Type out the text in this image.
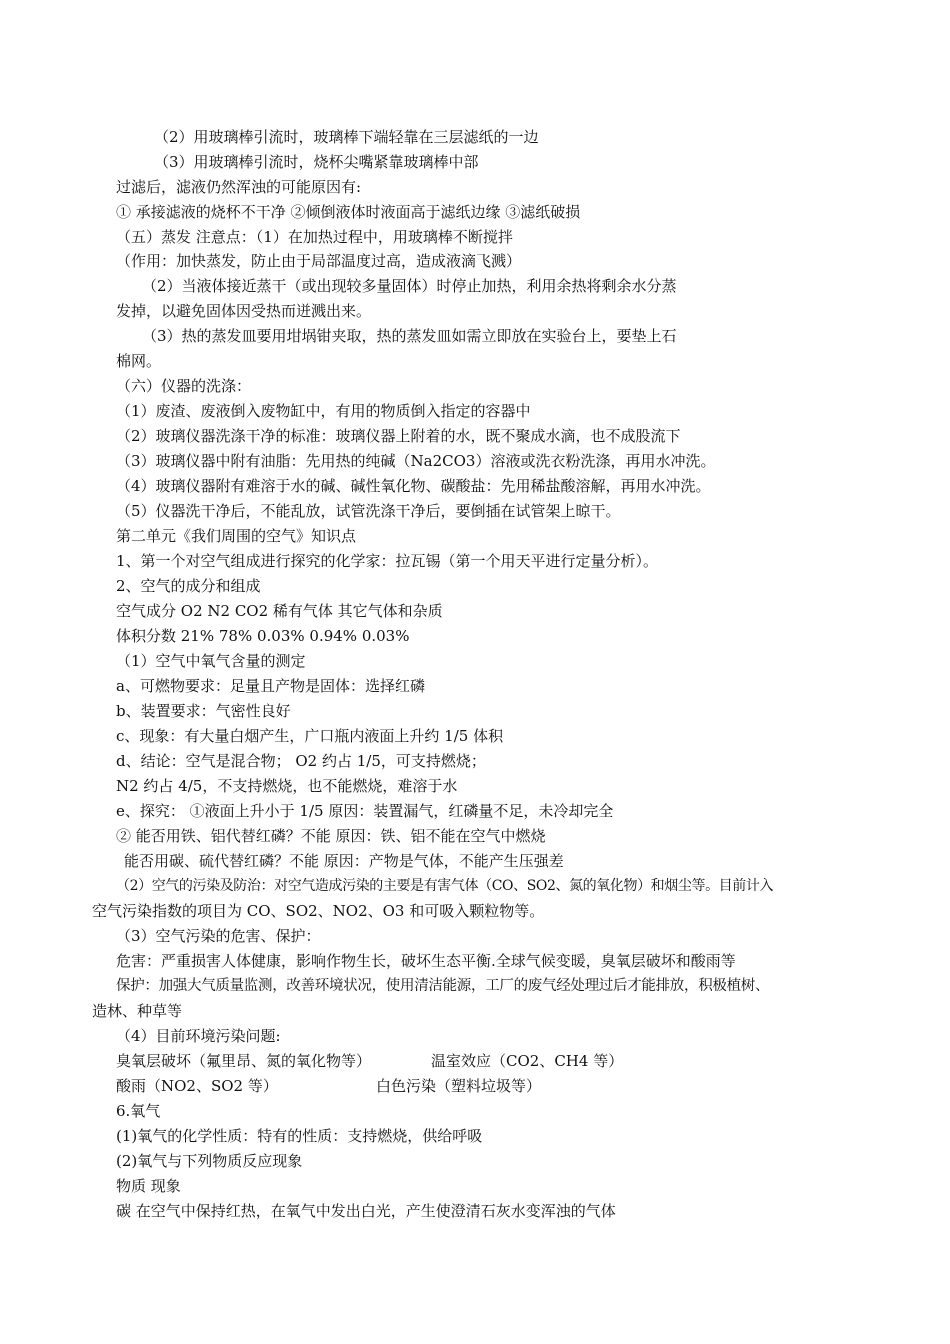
（2）用玻璃棒引流时，玻璃棒下端轻靠在三层滤纸的一边
（3）用玻璃棒引流时，烧杯尖嘴紧靠玻璃棒中部
过滤后，滤液仍然浑浊的可能原因有:
① 承接滤液的烧杯不干净 ②倾倒液体时液面高于滤纸边缘 ③滤纸破损
（五）蒸发 注意点：（1）在加热过程中，用玻璃棒不断搅拌
（作用：加快蒸发，防止由于局部温度过高，造成液滴飞溅）
（2）当液体接近蒸干（或出现较多量固体）时停止加热，利用余热将剩余水分蒸
发掉，以避免固体因受热而迸溅出来。
（3）热的蒸发皿要用坩埚钳夹取，热的蒸发皿如需立即放在实验台上，要垫上石
棉网。
（六）仪器的洗涤：
（1）废渣、废液倒入废物缸中，有用的物质倒入指定的容器中
（2）玻璃仪器洗涤干净的标准：玻璃仪器上附着的水，既不聚成水滴，也不成股流下
（3）玻璃仪器中附有油脂：先用热的纯碱（Na2CO3）溶液或洗衣粉洗涤，再用水冲洗。
（4）玻璃仪器附有难溶于水的碱、碱性氧化物、碳酸盐：先用稀盐酸溶解，再用水冲洗。
（5）仪器洗干净后，不能乱放，试管洗涤干净后，要倒插在试管架上晾干。
第二单元《我们周围的空气》知识点
1、第一个对空气组成进行探究的化学家：拉瓦锡（第一个用天平进行定量分析）。
2、空气的成分和组成
空气成分 O2 N2 CO2 稀有气体 其它气体和杂质
体积分数 21% 78% 0.03% 0.94% 0.03%
（1）空气中氧气含量的测定
a、可燃物要求：足量且产物是固体：选择红磷
b、装置要求：气密性良好
c、现象：有大量白烟产生，广口瓶内液面上升约 1/5 体积
d、结论：空气是混合物； O2 约占 1/5，可支持燃烧；
N2 约占 4/5，不支持燃烧，也不能燃烧，难溶于水
e、探究： ①液面上升小于 1/5 原因：装置漏气，红磷量不足，未冷却完全
② 能否用铁、铝代替红磷？不能 原因：铁、铝不能在空气中燃烧
能否用碳、硫代替红磷？不能 原因：产物是气体，不能产生压强差
（2）空气的污染及防治：对空气造成污染的主要是有害气体（CO、SO2、氮的氧化物）和烟尘等。目前计入
空气污染指数的项目为 CO、SO2、NO2、O3 和可吸入颗粒物等。
（3）空气污染的危害、保护：
危害：严重损害人体健康，影响作物生长，破坏生态平衡.全球气候变暖，臭氧层破坏和酸雨等
保护：加强大气质量监测，改善环境状况，使用清洁能源，工厂的废气经处理过后才能排放，积极植树、
造林、种草等
（4）目前环境污染问题:
臭氧层破坏（氟里昂、氮的氧化物等）	温室效应（CO2、CH4 等）
酸雨（NO2、SO2 等）	白色污染（塑料垃圾等）
6.氧气
(1)氧气的化学性质：特有的性质：支持燃烧，供给呼吸
(2)氧气与下列物质反应现象
物质 现象
碳 在空气中保持红热，在氧气中发出白光，产生使澄清石灰水变浑浊的气体
